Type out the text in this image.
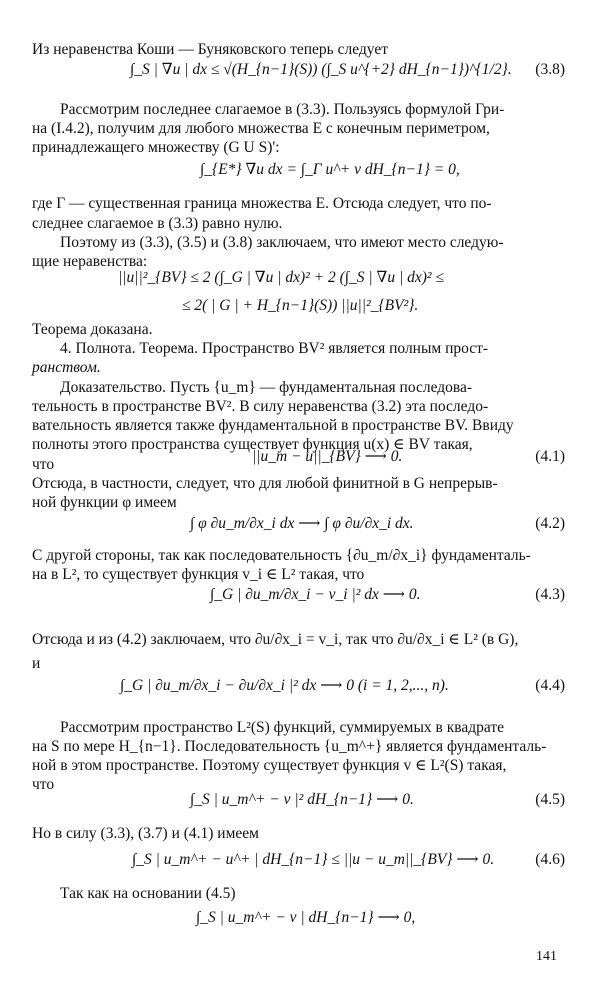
Из неравенства Коши — Буняковского теперь следует
∫_S | ∇u | dx ≤ √(H_{n−1}(S)) (∫_S u^{+2} dH_{n−1})^{1/2}. (3.8)
Рассмотрим последнее слагаемое в (3.3). Пользуясь формулой Гри-
на (I.4.2), получим для любого множества E с конечным периметром,
принадлежащего множеству (G U S)':
∫_{E*} ∇u dx = ∫_Г u^+ ν dH_{n−1} = 0,
где Г — существенная граница множества E. Отсюда следует, что по-
следнее слагаемое в (3.3) равно нулю.
Поэтому из (3.3), (3.5) и (3.8) заключаем, что имеют место следую-
щие неравенства:
||u||²_{BV} ≤ 2 (∫_G | ∇u | dx)² + 2 (∫_S | ∇u | dx)² ≤
≤ 2( | G | + H_{n−1}(S)) ||u||²_{BV²}.
Теорема доказана.
4. Полнота. Теорема. Пространство BV² является полным прост-
ранством.
Доказательство. Пусть {u_m} — фундаментальная последова-
тельность в пространстве BV². В силу неравенства (3.2) эта последо-
вательность является также фундаментальной в пространстве BV. Ввиду
полноты этого пространства существует функция u(x) ∈ BV такая,
что	||u_m − u||_{BV} ⟶ 0.	(4.1)
Отсюда, в частности, следует, что для любой финитной в G непрерыв-
ной функции φ имеем
∫ φ ∂u_m/∂x_i dx ⟶ ∫ φ ∂u/∂x_i dx.	(4.2)
С другой стороны, так как последовательность {∂u_m/∂x_i} фундаменталь-
на в L², то существует функция v_i ∈ L² такая, что
∫_G | ∂u_m/∂x_i − v_i |² dx ⟶ 0.	(4.3)
Отсюда и из (4.2) заключаем, что ∂u/∂x_i = v_i, так что ∂u/∂x_i ∈ L² (в G),
и
∫_G | ∂u_m/∂x_i − ∂u/∂x_i |² dx ⟶ 0 (i = 1, 2,..., n).	(4.4)
Рассмотрим пространство L²(S) функций, суммируемых в квадрате
на S по мере H_{n−1}. Последовательность {u_m^+} является фундаменталь-
ной в этом пространстве. Поэтому существует функция v ∈ L²(S) такая,
что
∫_S | u_m^+ − v |² dH_{n−1} ⟶ 0.	(4.5)
Но в силу (3.3), (3.7) и (4.1) имеем
∫_S | u_m^+ − u^+ | dH_{n−1} ≤ ||u − u_m||_{BV} ⟶ 0.	(4.6)
Так как на основании (4.5)
∫_S | u_m^+ − v | dH_{n−1} ⟶ 0,
141
